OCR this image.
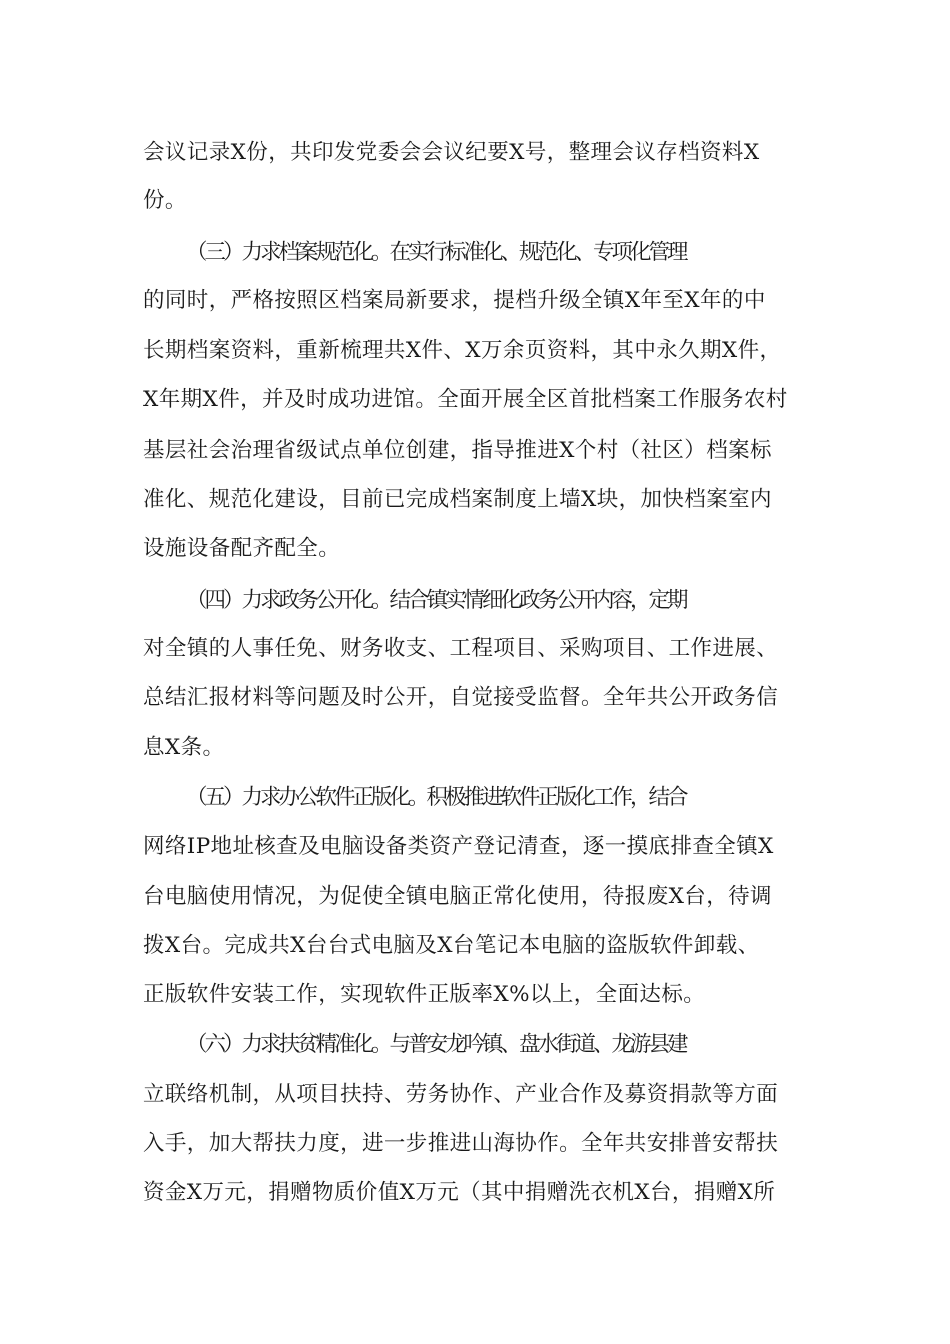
会议记录X份，共印发党委会会议纪要X号，整理会议存档资料X
份。
（三）力求档案规范化。在实行标准化、规范化、专项化管理
的同时，严格按照区档案局新要求，提档升级全镇X年至X年的中
长期档案资料，重新梳理共X件、X万余页资料，其中永久期X件，
X年期X件，并及时成功进馆。全面开展全区首批档案工作服务农村
基层社会治理省级试点单位创建，指导推进X个村（社区）档案标
准化、规范化建设，目前已完成档案制度上墙X块，加快档案室内
设施设备配齐配全。
（四）力求政务公开化。结合镇实情细化政务公开内容，定期
对全镇的人事任免、财务收支、工程项目、采购项目、工作进展、
总结汇报材料等问题及时公开，自觉接受监督。全年共公开政务信
息X条。
（五）力求办公软件正版化。积极推进软件正版化工作，结合
网络IP地址核查及电脑设备类资产登记清查，逐一摸底排查全镇X
台电脑使用情况，为促使全镇电脑正常化使用，待报废X台，待调
拨X台。完成共X台台式电脑及X台笔记本电脑的盗版软件卸载、
正版软件安装工作，实现软件正版率X%以上，全面达标。
（六）力求扶贫精准化。与普安龙吟镇、盘水街道、龙游县建
立联络机制，从项目扶持、劳务协作、产业合作及募资捐款等方面
入手，加大帮扶力度，进一步推进山海协作。全年共安排普安帮扶
资金X万元，捐赠物质价值X万元（其中捐赠洗衣机X台，捐赠X所
